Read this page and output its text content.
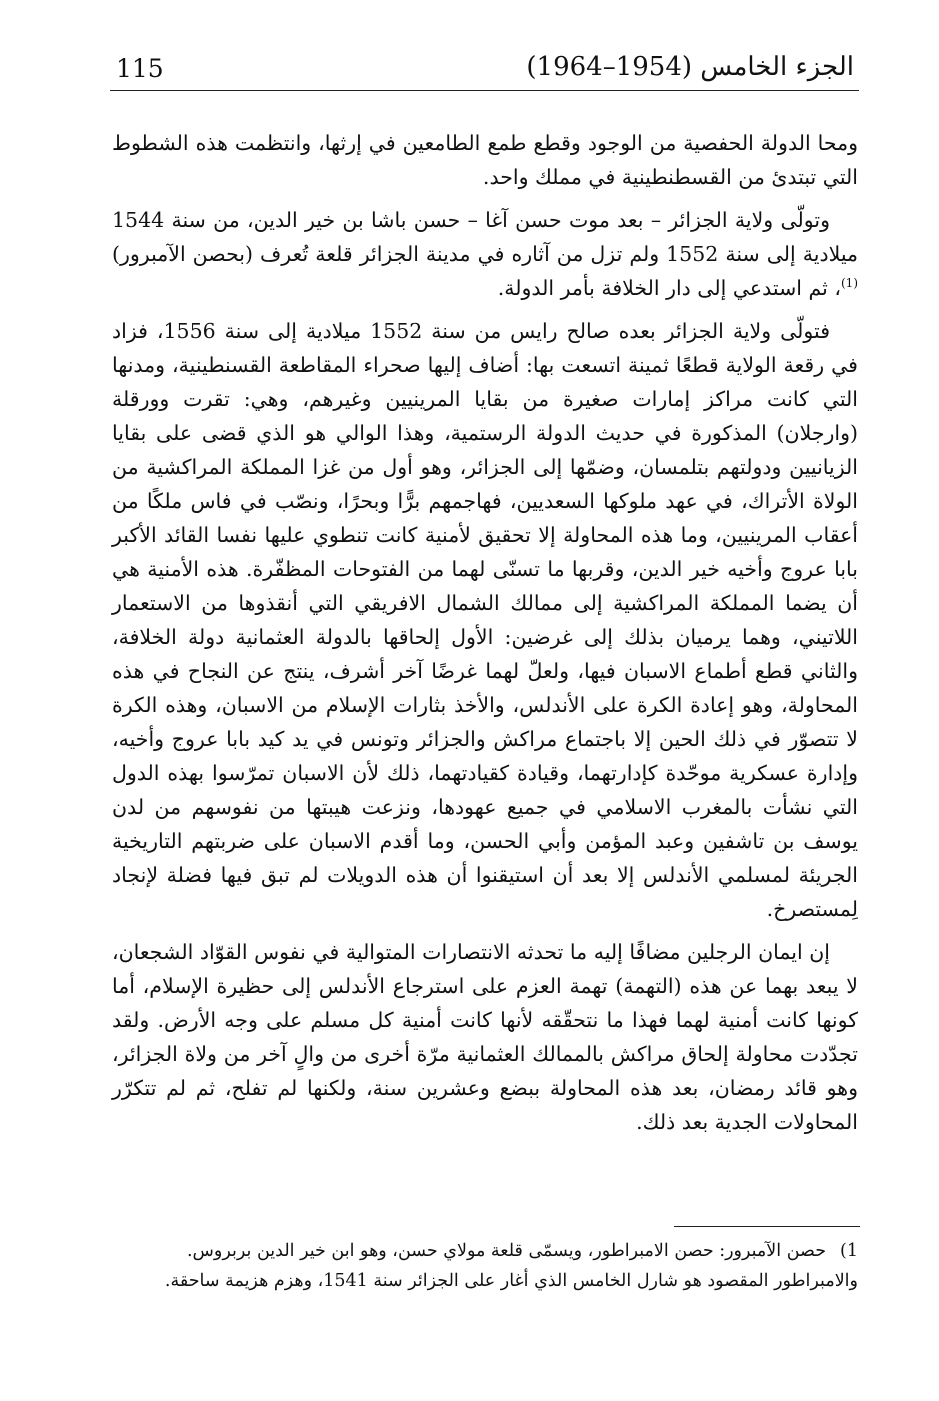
115	الجزء الخامس (1954–1964)
ومحا الدولة الحفصية من الوجود وقطع طمع الطامعين في إرثها، وانتظمت هذه الشطوط التي تبتدئ من القسطنطينية في مملك واحد.
وتولّى ولاية الجزائر – بعد موت حسن آغا – حسن باشا بن خير الدين، من سنة 1544 ميلادية إلى سنة 1552 ولم تزل من آثاره في مدينة الجزائر قلعة تُعرف (بحصن الآمبرور)$^{(1)}$، ثم استدعي إلى دار الخلافة بأمر الدولة.
فتولّى ولاية الجزائر بعده صالح رايس من سنة 1552 ميلادية إلى سنة 1556، فزاد في رقعة الولاية قطعًا ثمينة اتسعت بها: أضاف إليها صحراء المقاطعة القسنطينية، ومدنها التي كانت مراكز إمارات صغيرة من بقايا المرينيين وغيرهم، وهي: تقرت وورقلة (وارجلان) المذكورة في حديث الدولة الرستمية، وهذا الوالي هو الذي قضى على بقايا الزيانيين ودولتهم بتلمسان، وضمّها إلى الجزائر، وهو أول من غزا المملكة المراكشية من الولاة الأتراك، في عهد ملوكها السعديين، فهاجمهم برًّا وبحرًا، ونصّب في فاس ملكًا من أعقاب المرينيين، وما هذه المحاولة إلا تحقيق لأمنية كانت تنطوي عليها نفسا القائد الأكبر بابا عروج وأخيه خير الدين، وقربها ما تسنّى لهما من الفتوحات المظفّرة. هذه الأمنية هي أن يضما المملكة المراكشية إلى ممالك الشمال الافريقي التي أنقذوها من الاستعمار اللاتيني، وهما يرميان بذلك إلى غرضين: الأول إلحاقها بالدولة العثمانية دولة الخلافة، والثاني قطع أطماع الاسبان فيها، ولعلّ لهما غرضًا آخر أشرف، ينتج عن النجاح في هذه المحاولة، وهو إعادة الكرة على الأندلس، والأخذ بثارات الإسلام من الاسبان، وهذه الكرة لا تتصوّر في ذلك الحين إلا باجتماع مراكش والجزائر وتونس في يد كيد بابا عروج وأخيه، وإدارة عسكرية موحّدة كإدارتهما، وقيادة كقيادتهما، ذلك لأن الاسبان تمرّسوا بهذه الدول التي نشأت بالمغرب الاسلامي في جميع عهودها، ونزعت هيبتها من نفوسهم من لدن يوسف بن تاشفين وعبد المؤمن وأبي الحسن، وما أقدم الاسبان على ضربتهم التاريخية الجريئة لمسلمي الأندلس إلا بعد أن استيقنوا أن هذه الدويلات لم تبق فيها فضلة لإنجاد لِمستصرخ.
إن ايمان الرجلين مضافًا إليه ما تحدثه الانتصارات المتوالية في نفوس القوّاد الشجعان، لا يبعد بهما عن هذه (التهمة) تهمة العزم على استرجاع الأندلس إلى حظيرة الإسلام، أما كونها كانت أمنية لهما فهذا ما نتحقّقه لأنها كانت أمنية كل مسلم على وجه الأرض. ولقد تجدّدت محاولة إلحاق مراكش بالممالك العثمانية مرّة أخرى من والٍ آخر من ولاة الجزائر، وهو قائد رمضان، بعد هذه المحاولة ببضع وعشرين سنة، ولكنها لم تفلح، ثم لم تتكرّر المحاولات الجدية بعد ذلك.

1)حصن الآمبرور: حصن الامبراطور، ويسمّى قلعة مولاي حسن، وهو ابن خير الدين بربروس.

والامبراطور المقصود هو شارل الخامس الذي أغار على الجزائر سنة 1541، وهزم هزيمة ساحقة.
